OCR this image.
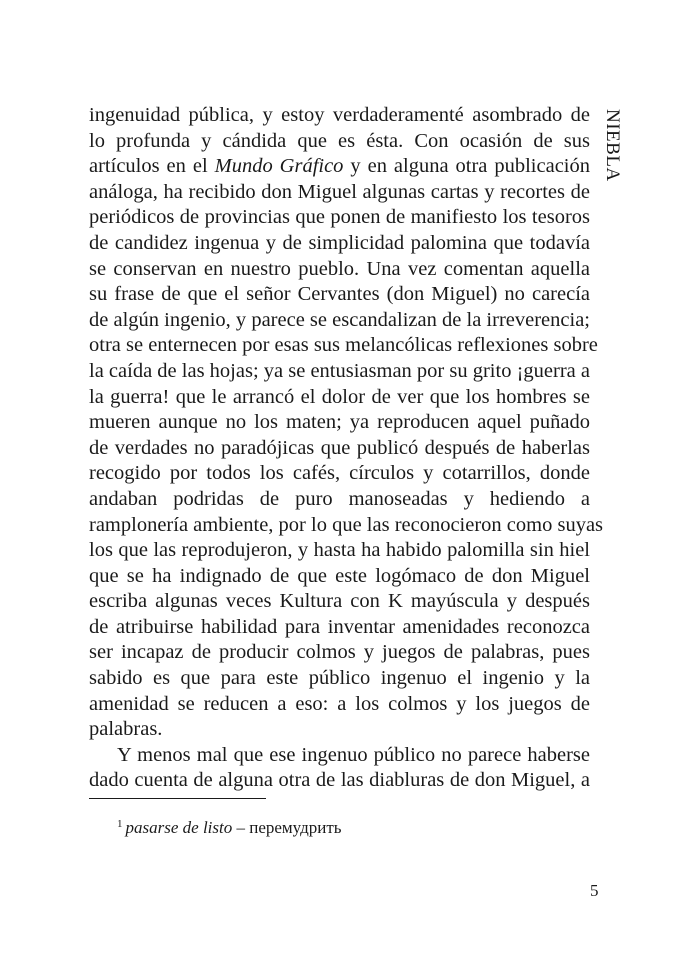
NIEBLA
ingenuidad pública, y estoy verdaderamenté asombrado de
lo profunda y cándida que es ésta. Con ocasión de sus
artículos en el Mundo Gráfico y en alguna otra publicación
análoga, ha recibido don Miguel algunas cartas y recortes de
periódicos de provincias que ponen de manifiesto los tesoros
de candidez ingenua y de simplicidad palomina que todavía
se conservan en nuestro pueblo. Una vez comentan aquella
su frase de que el señor Cervantes (don Miguel) no carecía
de algún ingenio, y parece se escandalizan de la irreverencia;
otra se enternecen por esas sus melancólicas reflexiones sobre
la caída de las hojas; ya se entusiasman por su grito ¡guerra a
la guerra! que le arrancó el dolor de ver que los hombres se
mueren aunque no los maten; ya reproducen aquel puñado
de verdades no paradójicas que publicó después de haberlas
recogido por todos los cafés, círculos y cotarrillos, donde
andaban podridas de puro manoseadas y hediendo a
ramplonería ambiente, por lo que las reconocieron como suyas
los que las reprodujeron, y hasta ha habido palomilla sin hiel
que se ha indignado de que este logómaco de don Miguel
escriba algunas veces Kultura con K mayúscula y después
de atribuirse habilidad para inventar amenidades reconozca
ser incapaz de producir colmos y juegos de palabras, pues
sabido es que para este público ingenuo el ingenio y la
amenidad se reducen a eso: a los colmos y los juegos de
palabras.
Y menos mal que ese ingenuo público no parece haberse
dado cuenta de alguna otra de las diabluras de don Miguel, a
$^1$ pasarse de listo – перемудрить
5
